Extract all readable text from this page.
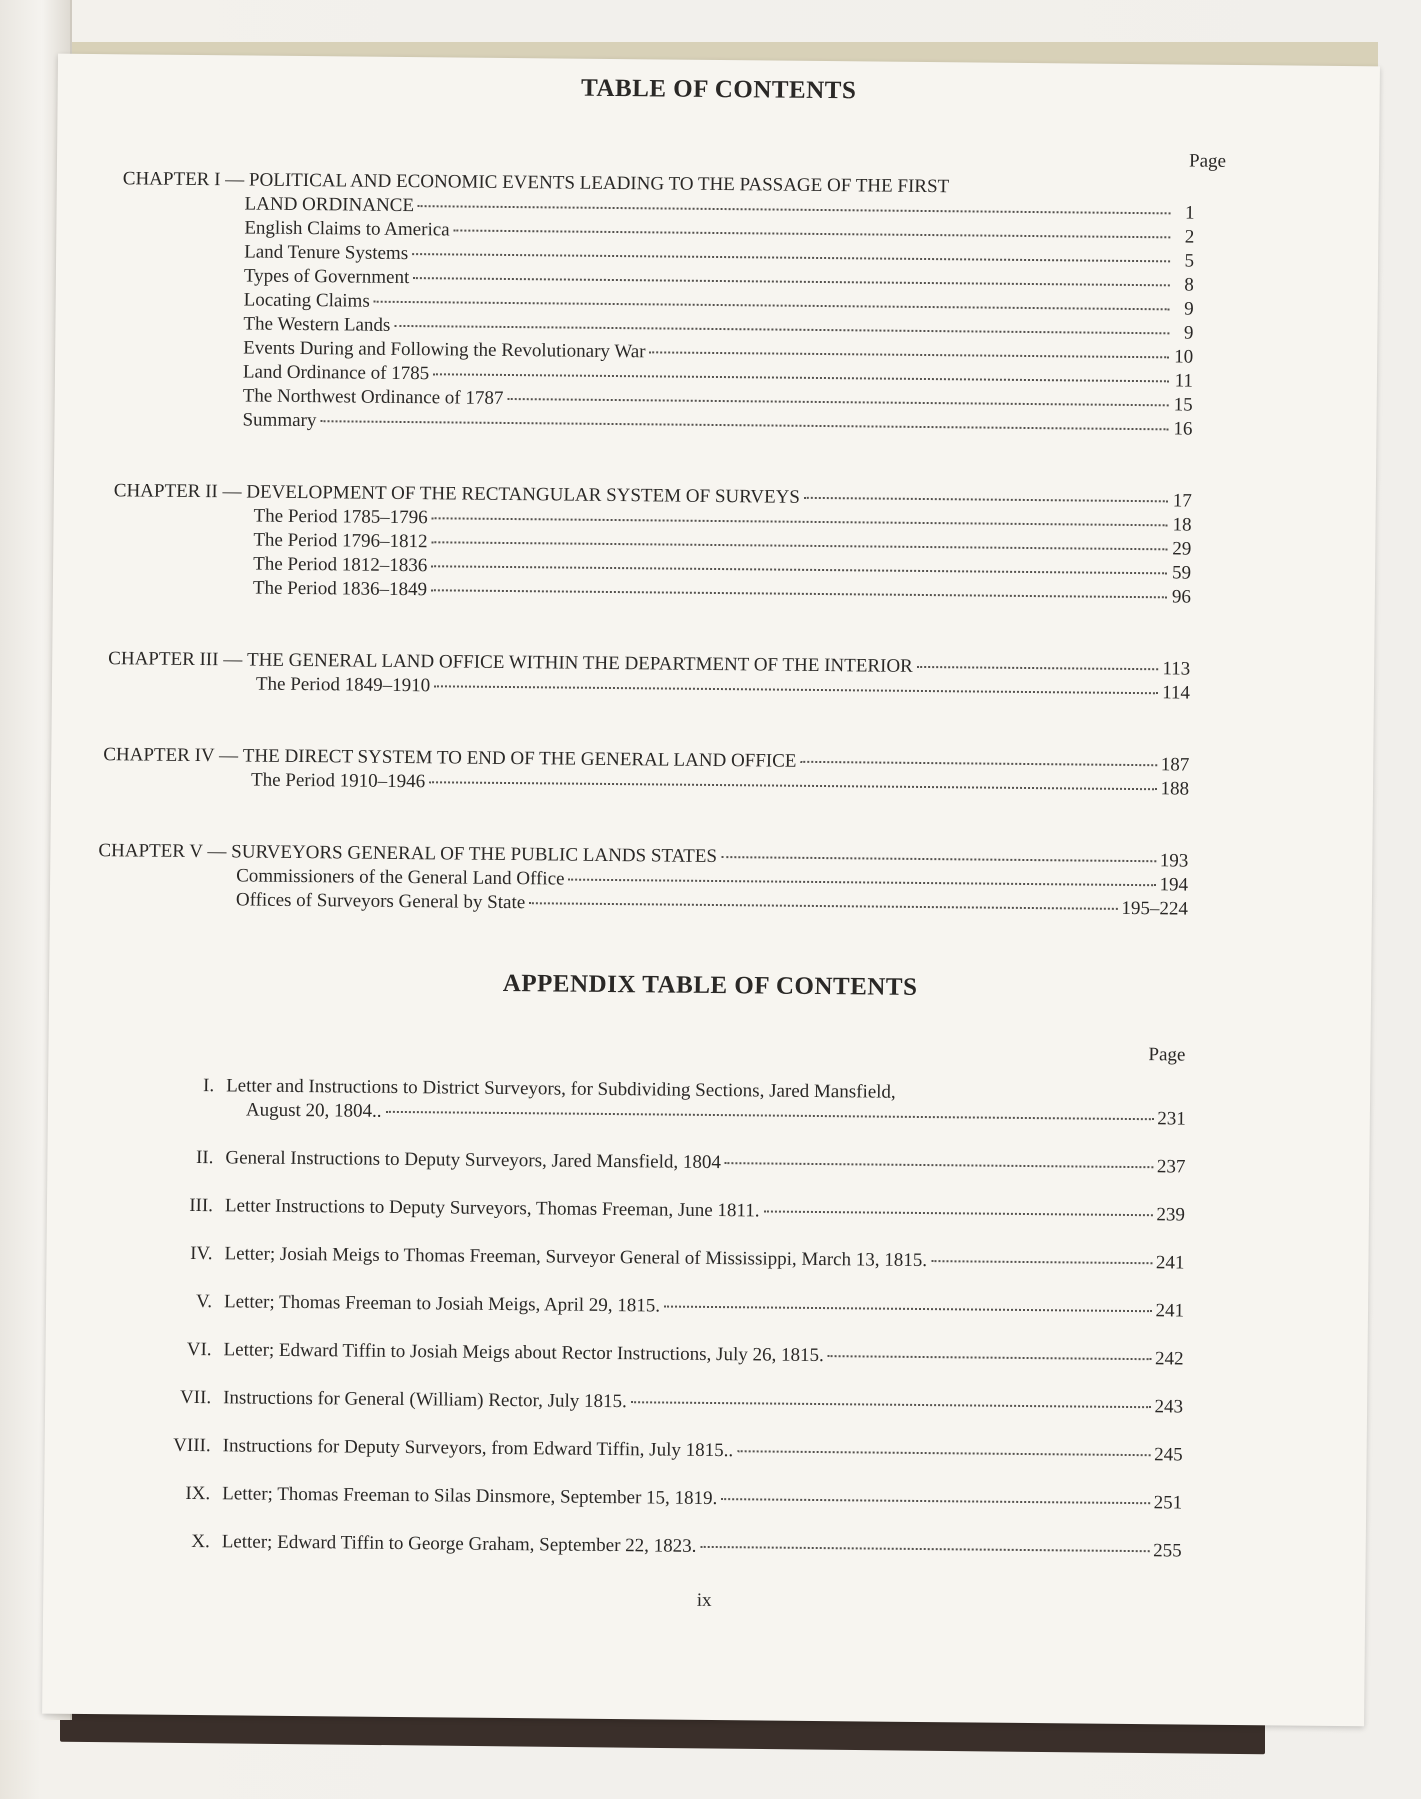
TABLE OF CONTENTS
Page
CHAPTER I — POLITICAL AND ECONOMIC EVENTS LEADING TO THE PASSAGE OF THE FIRST
LAND ORDINANCE	1
English Claims to America	2
Land Tenure Systems	5
Types of Government	8
Locating Claims	9
The Western Lands	9
Events During and Following the Revolutionary War	10
Land Ordinance of 1785	11
The Northwest Ordinance of 1787	15
Summary	16
CHAPTER II —
DEVELOPMENT OF THE RECTANGULAR SYSTEM OF SURVEYS	17
The Period 1785–1796	18
The Period 1796–1812	29
The Period 1812–1836	59
The Period 1836–1849	96
CHAPTER III —
THE GENERAL LAND OFFICE WITHIN THE DEPARTMENT OF THE INTERIOR	113
The Period 1849–1910	114
CHAPTER IV —
THE DIRECT SYSTEM TO END OF THE GENERAL LAND OFFICE	187
The Period 1910–1946	188
CHAPTER V —
SURVEYORS GENERAL OF THE PUBLIC LANDS STATES	193
Commissioners of the General Land Office	194
Offices of Surveyors General by State	195–224
APPENDIX TABLE OF CONTENTS
Page
I. Letter and Instructions to District Surveyors, for Subdividing Sections, Jared Mansfield,
August 20, 1804..	231
II. General Instructions to Deputy Surveyors, Jared Mansfield, 1804	237
III. Letter Instructions to Deputy Surveyors, Thomas Freeman, June 1811.	239
IV. Letter; Josiah Meigs to Thomas Freeman, Surveyor General of Mississippi, March 13, 1815.	241
V. Letter; Thomas Freeman to Josiah Meigs, April 29, 1815.	241
VI. Letter; Edward Tiffin to Josiah Meigs about Rector Instructions, July 26, 1815.	242
VII. Instructions for General (William) Rector, July 1815.	243
VIII. Instructions for Deputy Surveyors, from Edward Tiffin, July 1815..	245
IX. Letter; Thomas Freeman to Silas Dinsmore, September 15, 1819.	251
X. Letter; Edward Tiffin to George Graham, September 22, 1823.	255
ix
